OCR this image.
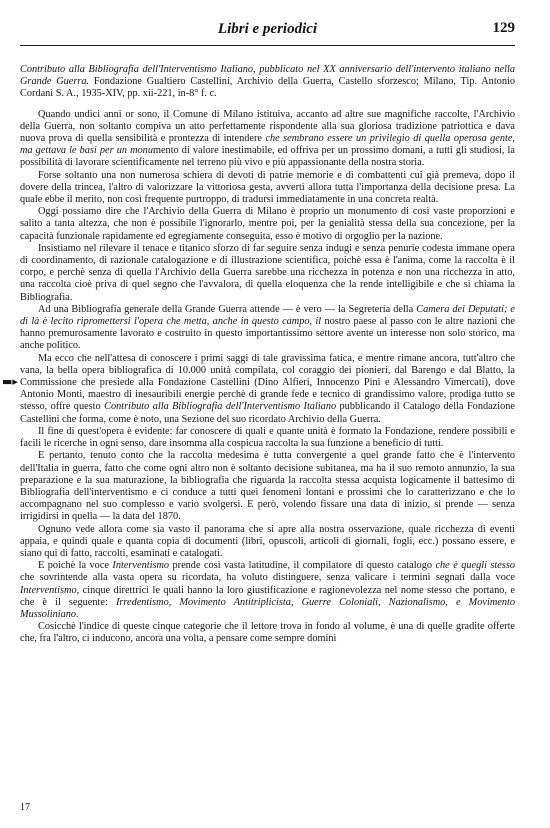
Libri e periodici	129
▬▸

Contributo alla Bibliografia dell'Interventismo Italiano, pubblicato nel XX anniversario dell'intervento italiano nella Grande Guerra. Fondazione Gualtiero Castellini, Archivio della Guerra, Castello sforzesco; Milano, Tip. Antonio Cordani S. A., 1935-XIV, pp. xii-221, in-8° f. c.

Quando undici anni or sono, il Comune di Milano istituiva, accanto ad altre sue magnifiche raccolte, l'Archivio della Guerra, non soltanto compiva un atto perfettamente rispondente alla sua gloriosa tradizione patriottica e dava nuova prova di quella sensibilità e prontezza di intendere che sembrano essere un privilegio di quella operosa gente, ma gettava le basi per un monumento di valore inestimabile, ed offriva per un prossimo domani, a tutti gli studiosi, la possibilità di lavorare scientificamente nel terreno più vivo e più appassionante della nostra storia.

Forse soltanto una non numerosa schiera di devoti di patrie memorie e di combattenti cui già premeva, dopo il dovere della trincea, l'altro di valorizzare la vittoriosa gesta, avvertì allora tutta l'importanza della decisione presa. La quale ebbe il merito, non così frequente purtroppo, di tradursi immediatamente in una concreta realtà.

Oggi possiamo dire che l'Archivio della Guerra di Milano è proprio un monumento di così vaste proporzioni e salito a tanta altezza, che non è possibile l'ignorarlo, mentre poi, per la genialità stessa della sua concezione, per la capacità funzionale rapidamente ed egregiamente conseguita, esso è motivo di orgoglio per la nazione.

Insistiamo nel rilevare il tenace e titanico sforzo di far seguire senza indugi e senza penurie codesta immane opera di coordinamento, di razionale catalogazione e di illustrazione scientifica, poichè essa è l'anima, come la raccolta è il corpo, e perchè senza di quella l'Archivio della Guerra sarebbe una ricchezza in potenza e non una ricchezza in atto, una raccolta cioè priva di quel segno che l'avvalora, di quella eloquenza che la rende intelligibile e che si chiama la Bibliografia.

Ad una Bibliografia generale della Grande Guerra attende — è vero — la Segreteria della Camera dei Deputati; e di là è lecito ripromettersi l'opera che metta, anche in questo campo, il nostro paese al passo con le altre nazioni che hanno premurosamente lavorato e costruito in questo importantissimo settore avente un interesse non solo storico, ma anche politico.

Ma ecco che nell'attesa di conoscere i primi saggi di tale gravissima fatica, e mentre rimane ancora, tutt'altro che vana, la bella opera bibliografica di 10.000 unità compilata, col coraggio dei pionieri, dal Barengo e dal Blatto, la Commissione che presiede alla Fondazione Castellini (Dino Alfieri, Innocenzo Pini e Alessandro Vimercati), dove Antonio Monti, maestro di inesauribili energie perchè di grande fede e tecnico di grandissimo valore, prodiga tutto se stesso, offre questo Contributo alla Bibliografia dell'Interventismo Italiano pubblicando il Catalogo della Fondazione Castellini che forma, come è noto, una Sezione del suo ricordato Archivio della Guerra.

Il fine di quest'opera è evidente: far conoscere di quali e quante unità è formato la Fondazione, rendere possibili e facili le ricerche in ogni senso, dare insomma alla cospicua raccolta la sua funzione a beneficio di tutti.

E pertanto, tenuto conto che la raccolta medesima è tutta convergente a quel grande fatto che è l'intervento dell'Italia in guerra, fatto che come ogni altro non è soltanto decisione subitanea, ma ha il suo remoto annunzio, la sua preparazione e la sua maturazione, la bibliografia che riguarda la raccolta stessa acquista logicamente il battesimo di Bibliografia dell'interventismo e ci conduce a tutti quei fenomeni lontani e prossimi che lo caratterizzano e che lo accompagnano nel suo complesso e vario svolgersi. E però, volendo fissare una data di inizio, si prende — senza irrigidirsi in quella — la data del 1870.

Ognuno vede allora come sia vasto il panorama che si apre alla nostra osservazione, quale ricchezza di eventi appaia, e quindi quale e quanta copia di documenti (libri, opuscoli, articoli di giornali, fogli, ecc.) possano essere, e siano qui di fatto, raccolti, esaminati e catalogati.

E poichè la voce Interventismo prende così vasta latitudine, il compilatore di questo catalogo che è quegli stesso che sovrintende alla vasta opera su ricordata, ha voluto distinguere, senza valicare i termini segnati dalla voce Interventismo, cinque direttrici le quali hanno la loro giustificazione e ragionevolezza nel nome stesso che portano, e che è il seguente: Irredentismo, Movimento Antitriplicista, Guerre Coloniali, Nazionalismo, e Movimento Mussoliniano.

Cosicchè l'indice di queste cinque categorie che il lettore trova in fondo al volume, è una di quelle gradite offerte che, fra l'altro, ci inducono, ancora una volta, a pensare come sempre domini

17
